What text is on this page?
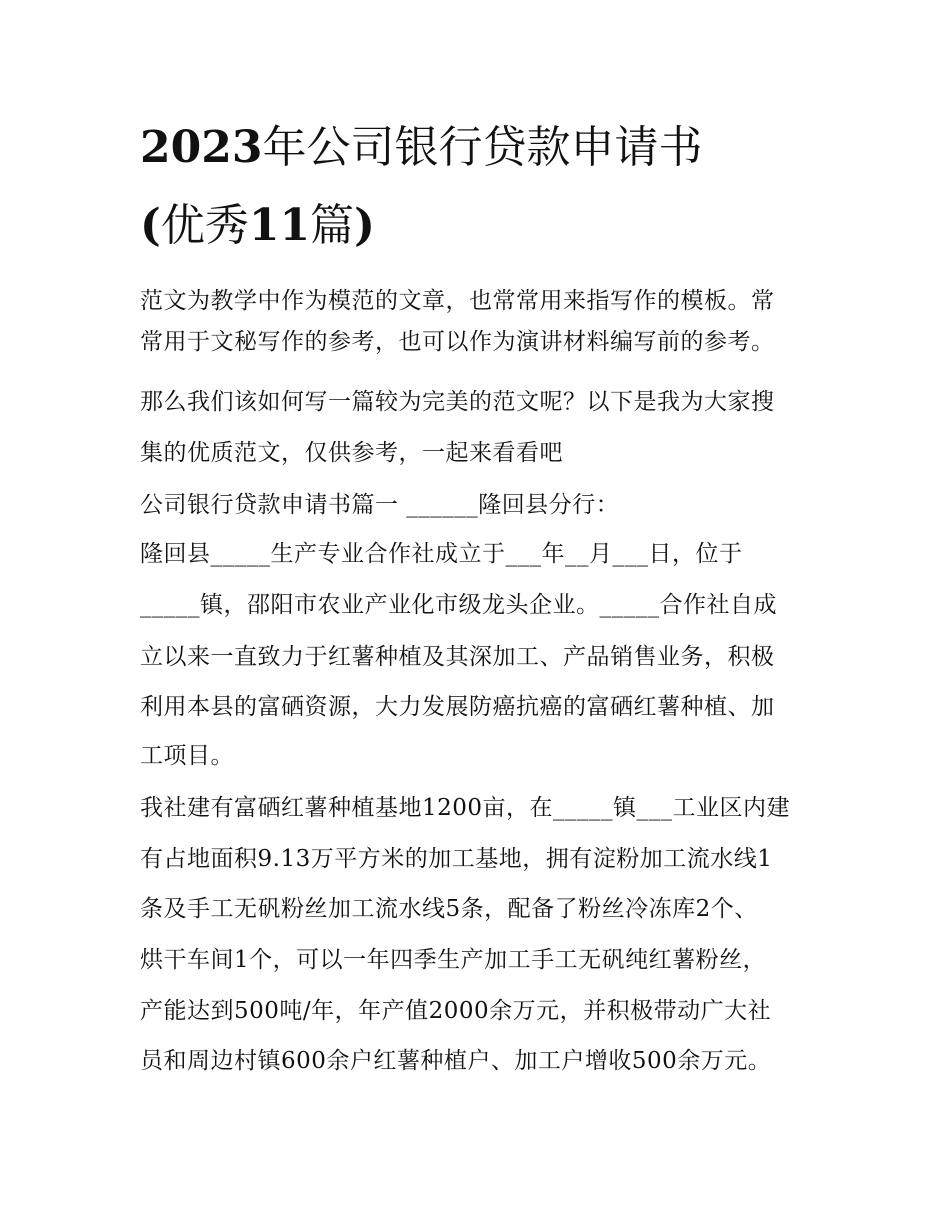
2023年公司银行贷款申请书
(优秀11篇)
范文为教学中作为模范的文章，也常常用来指写作的模板。常
常用于文秘写作的参考，也可以作为演讲材料编写前的参考。
那么我们该如何写一篇较为完美的范文呢？以下是我为大家搜
集的优质范文，仅供参考，一起来看看吧
公司银行贷款申请书篇一 ______隆回县分行：
隆回县_____生产专业合作社成立于___年__月___日，位于
_____镇，邵阳市农业产业化市级龙头企业。_____合作社自成
立以来一直致力于红薯种植及其深加工、产品销售业务，积极
利用本县的富硒资源，大力发展防癌抗癌的富硒红薯种植、加
工项目。
我社建有富硒红薯种植基地1200亩，在_____镇___工业区内建
有占地面积9.13万平方米的加工基地，拥有淀粉加工流水线1
条及手工无矾粉丝加工流水线5条，配备了粉丝冷冻库2个、
烘干车间1个，可以一年四季生产加工手工无矾纯红薯粉丝，
产能达到500吨/年，年产值2000余万元，并积极带动广大社
员和周边村镇600余户红薯种植户、加工户增收500余万元。
